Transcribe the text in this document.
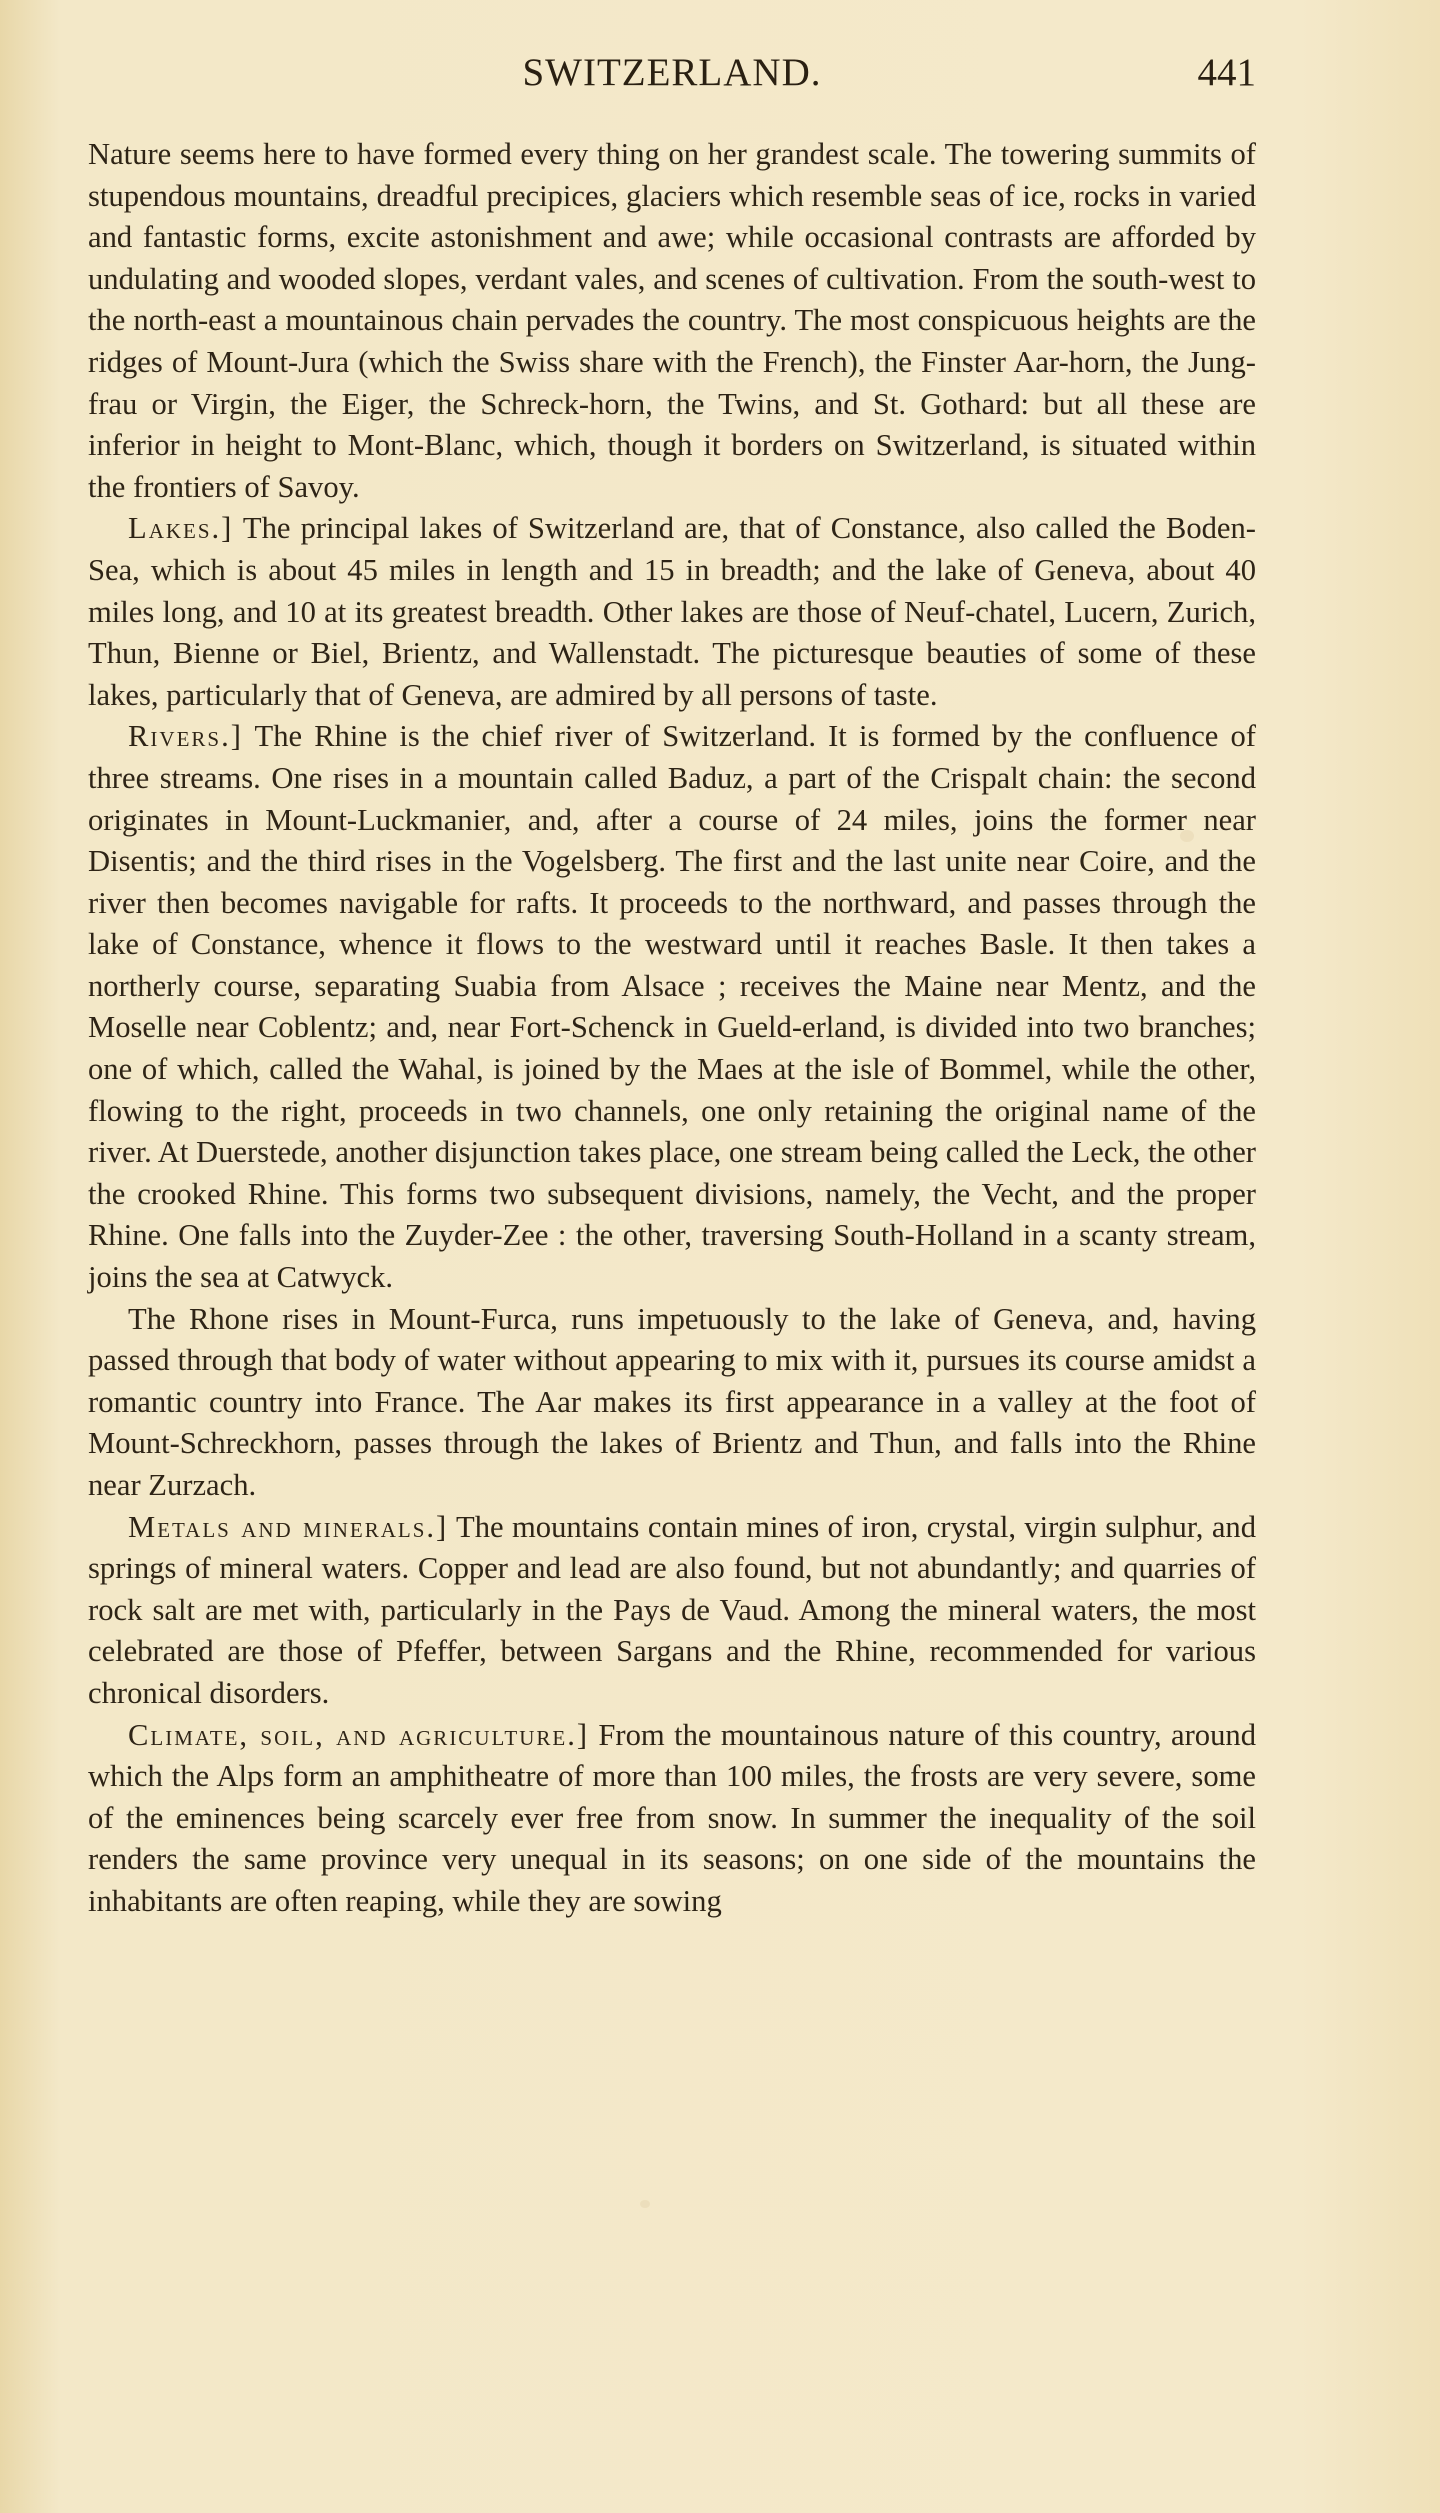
SWITZERLAND.	441

Nature seems here to have formed every thing on her grandest scale. The towering summits of stupendous mountains, dreadful precipices, glaciers which resemble seas of ice, rocks in varied and fantastic forms, excite astonishment and awe; while occasional contrasts are afforded by undulating and wooded slopes, verdant vales, and scenes of cultivation. From the south-west to the north-east a mountainous chain pervades the country. The most conspicuous heights are the ridges of Mount-Jura (which the Swiss share with the French), the Finster Aar-horn, the Jung-frau or Virgin, the Eiger, the Schreck-horn, the Twins, and St. Gothard: but all these are inferior in height to Mont-Blanc, which, though it borders on Switzerland, is situated within the frontiers of Savoy.

Lakes.] The principal lakes of Switzerland are, that of Constance, also called the Boden-Sea, which is about 45 miles in length and 15 in breadth; and the lake of Geneva, about 40 miles long, and 10 at its greatest breadth. Other lakes are those of Neuf-chatel, Lucern, Zurich, Thun, Bienne or Biel, Brientz, and Wallenstadt. The picturesque beauties of some of these lakes, particularly that of Geneva, are admired by all persons of taste.

Rivers.] The Rhine is the chief river of Switzerland. It is formed by the confluence of three streams. One rises in a mountain called Baduz, a part of the Crispalt chain: the second originates in Mount-Luckmanier, and, after a course of 24 miles, joins the former near Disentis; and the third rises in the Vogelsberg. The first and the last unite near Coire, and the river then becomes navigable for rafts. It proceeds to the northward, and passes through the lake of Constance, whence it flows to the westward until it reaches Basle. It then takes a northerly course, separating Suabia from Alsace ; receives the Maine near Mentz, and the Moselle near Coblentz; and, near Fort-Schenck in Gueld-erland, is divided into two branches; one of which, called the Wahal, is joined by the Maes at the isle of Bommel, while the other, flowing to the right, proceeds in two channels, one only retaining the original name of the river. At Duerstede, another disjunction takes place, one stream being called the Leck, the other the crooked Rhine. This forms two subsequent divisions, namely, the Vecht, and the proper Rhine. One falls into the Zuyder-Zee : the other, traversing South-Holland in a scanty stream, joins the sea at Catwyck.

The Rhone rises in Mount-Furca, runs impetuously to the lake of Geneva, and, having passed through that body of water without appearing to mix with it, pursues its course amidst a romantic country into France. The Aar makes its first appearance in a valley at the foot of Mount-Schreckhorn, passes through the lakes of Brientz and Thun, and falls into the Rhine near Zurzach.

Metals and minerals.] The mountains contain mines of iron, crystal, virgin sulphur, and springs of mineral waters. Copper and lead are also found, but not abundantly; and quarries of rock salt are met with, particularly in the Pays de Vaud. Among the mineral waters, the most celebrated are those of Pfeffer, between Sargans and the Rhine, recommended for various chronical disorders.

Climate, soil, and agriculture.] From the mountainous nature of this country, around which the Alps form an amphitheatre of more than 100 miles, the frosts are very severe, some of the eminences being scarcely ever free from snow. In summer the inequality of the soil renders the same province very unequal in its seasons; on one side of the mountains the inhabitants are often reaping, while they are sowing
